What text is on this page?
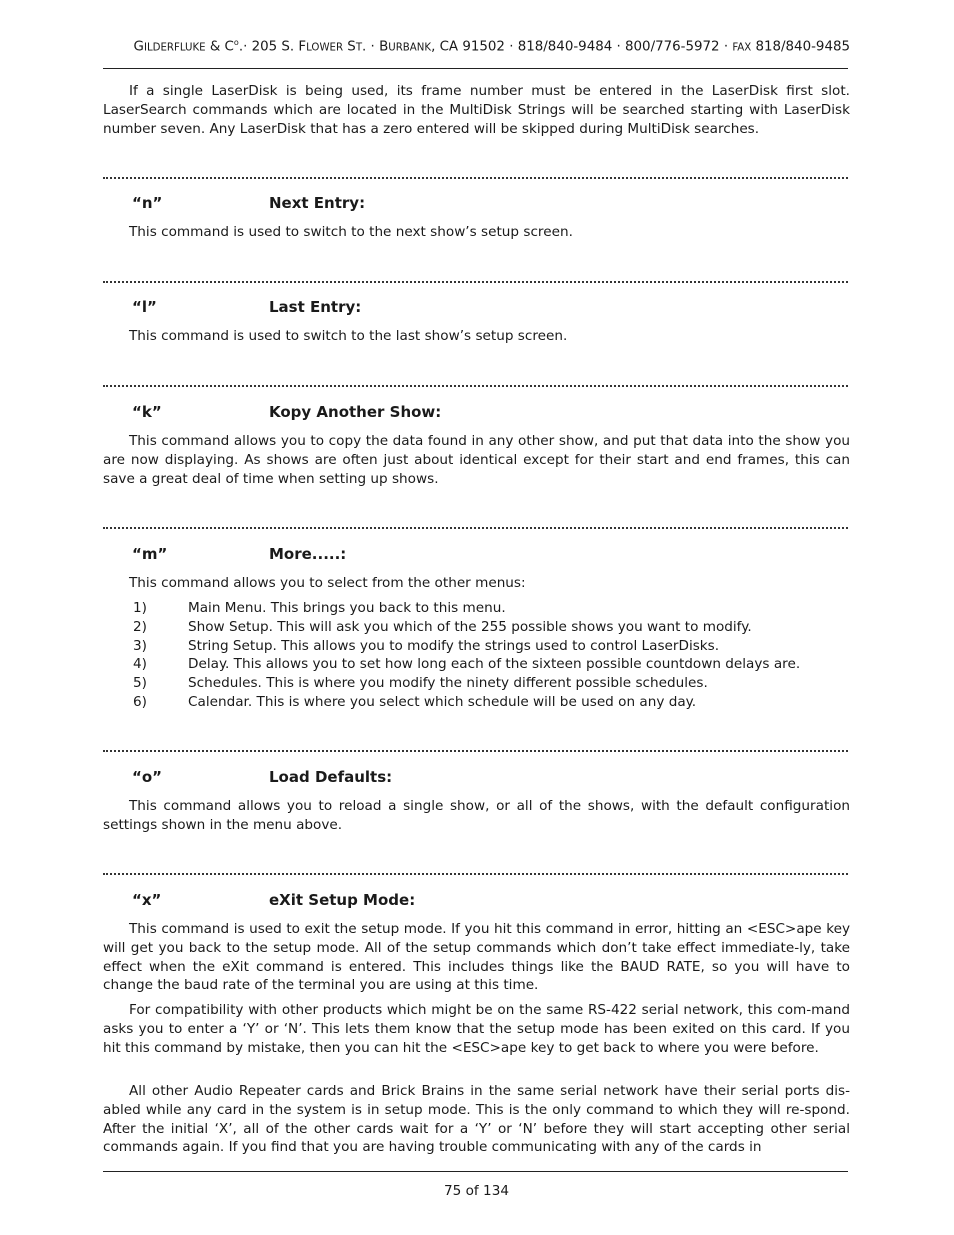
GILDERFLUKE & $C^o.\cdot 205$ S. FLOWER ST. · BURBANK, CA 91502 · 818/840-9484 · 800/776-5972 · FAX 818/840-9485

If a single LaserDisk is being used, its frame number must be entered in the LaserDisk first slot. LaserSearch commands which are located in the MultiDisk Strings will be searched starting with LaserDisk number seven. Any LaserDisk that has a zero entered will be skipped during MultiDisk searches.

“n”	Next Entry:

This command is used to switch to the next show’s setup screen.

“l”	Last Entry:

This command is used to switch to the last show’s setup screen.

“k”	Kopy Another Show:

This command allows you to copy the data found in any other show, and put that data into the show you are now displaying. As shows are often just about identical except for their start and end frames, this can save a great deal of time when setting up shows.

“m”	More.....:

This command allows you to select from the other menus:

1)	Main Menu. This brings you back to this menu.
2)	Show Setup. This will ask you which of the 255 possible shows you want to modify.
3)	String Setup. This allows you to modify the strings used to control LaserDisks.
4)	Delay. This allows you to set how long each of the sixteen possible countdown delays are.
5)	Schedules. This is where you modify the ninety different possible schedules.
6)	Calendar. This is where you select which schedule will be used on any day.
“o”	Load Defaults:

This command allows you to reload a single show, or all of the shows, with the default configuration settings shown in the menu above.

“x”	eXit Setup Mode:

This command is used to exit the setup mode. If you hit this command in error, hitting an <ESC>ape key will get you back to the setup mode. All of the setup commands which don’t take effect immediate-ly, take effect when the eXit command is entered. This includes things like the BAUD RATE, so you will have to change the baud rate of the terminal you are using at this time.

For compatibility with other products which might be on the same RS-422 serial network, this com-mand asks you to enter a ‘Y’ or ‘N’. This lets them know that the setup mode has been exited on this card. If you hit this command by mistake, then you can hit the <ESC>ape key to get back to where you were before.

All other Audio Repeater cards and Brick Brains in the same serial network have their serial ports dis-abled while any card in the system is in setup mode. This is the only command to which they will re-spond. After the initial ‘X’, all of the other cards wait for a ‘Y’ or ‘N’ before they will start accepting other serial commands again. If you find that you are having trouble communicating with any of the cards in

75 of 134
